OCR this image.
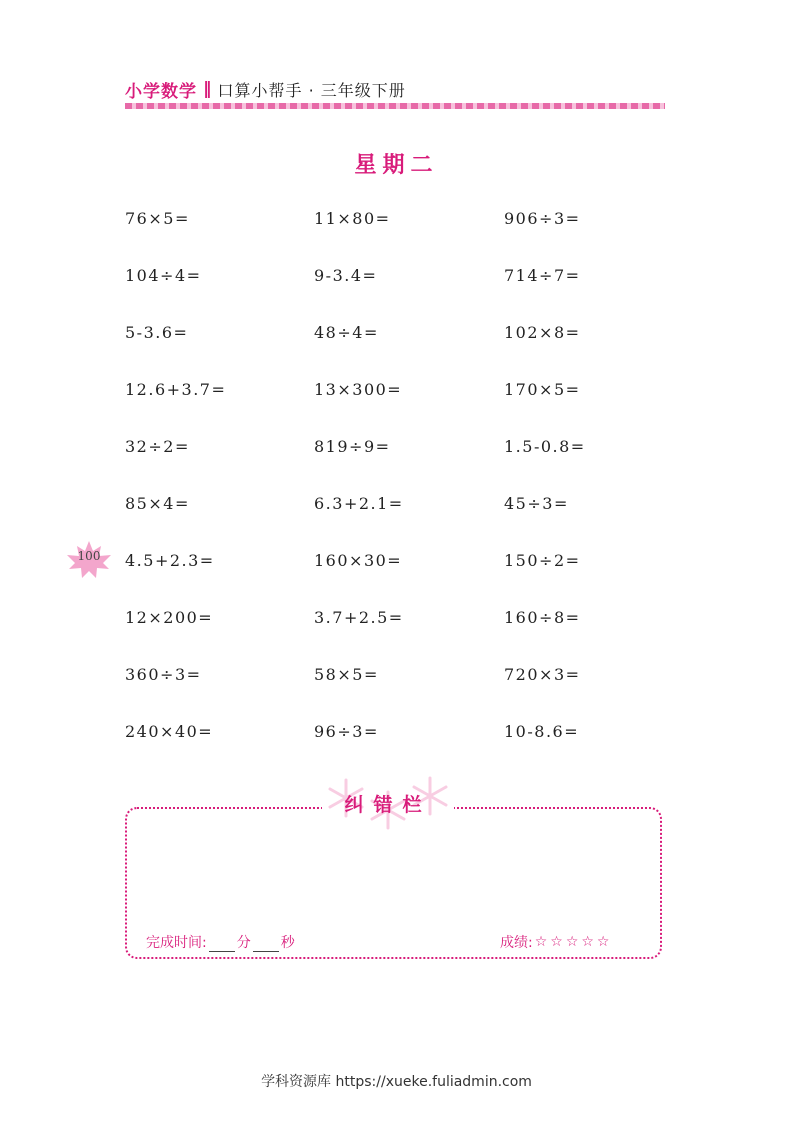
小学数学 ‖ 口算小帮手 · 三年级下册
星期二
76×5=	11×80=	906÷3=
104÷4=	9-3.4=	714÷7=
5-3.6=	48÷4=	102×8=
12.6+3.7=	13×300=	170×5=
32÷2=	819÷9=	1.5-0.8=
85×4=	6.3+2.1=	45÷3=
4.5+2.3=	160×30=	150÷2=
12×200=	3.7+2.5=	160÷8=
360÷3=	58×5=	720×3=
240×40=	96÷3=	10-8.6=
100
纠错栏
完成时间: 分 秒	成绩: ☆☆☆☆☆
学科资源库 https://xueke.fuliadmin.com
